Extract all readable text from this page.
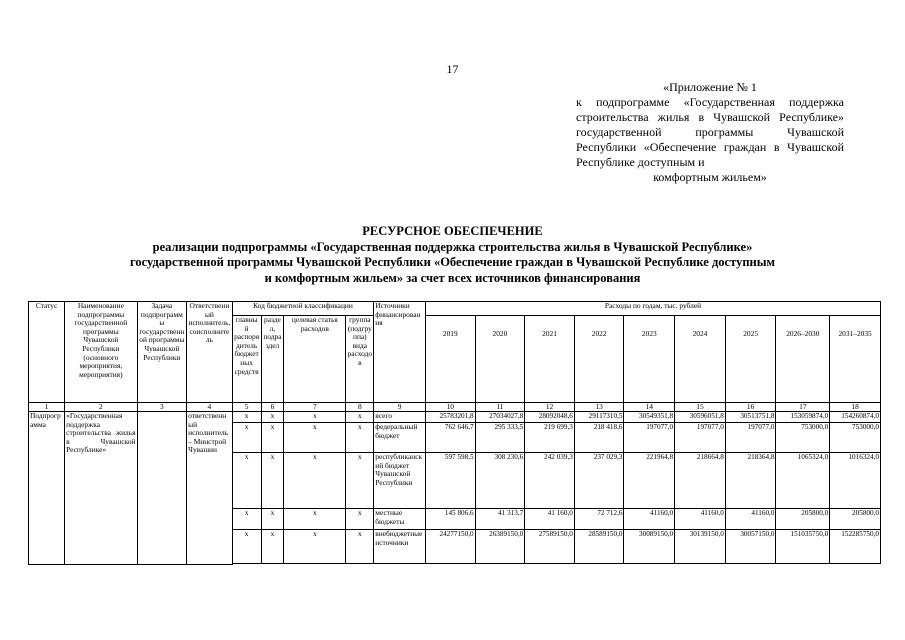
17
«Приложение № 1
к подпрограмме «Государственная поддержка строительства жилья в Чувашской Республике» государственной программы Чувашской Республики «Обеспечение граждан в Чувашской Республике доступным и
комфортным жильем»
РЕСУРСНОЕ ОБЕСПЕЧЕНИЕ
реализации подпрограммы «Государственная поддержка строительства жилья в Чувашской Республике»
государственной программы Чувашской Республики «Обеспечение граждан в Чувашской Республике доступным
и комфортным жильем» за счет всех источников финансирования
Статус	Наименование подпрограммы государственной программы Чувашской Республики (основного мероприятия, мероприятия)	Задача подпрограммы государственной программы Чувашской Республики	Ответственный исполнитель, соисполнитель	Код бюджетной классификации				Источники финансирования	Расходы по годам, тыс. рублей								
				главный распорядитель бюджетных средств	раздел, подраздел	целевая статья расходов	группа (подгруппа) вида расходов		2019	2020	2021	2022	2023	2024	2025	2026–2030	2031–2035
1	2	3	4	5	6	7	8	9	10	11	12	13	14	15	16	17	18
Подпрограмма	«Государственная поддержка строительства жилья в Чувашской Республике»		ответственный исполнитель – Минстрой Чувашии	x	x	x	x	всего	25783201,8	27034027,8	28092048,6	29117310,5	30549351,8	30596051,8	30513751,8	153059874,0	154260874,0
				x	x	x	x	федеральный бюджет	762 646,7	295 333,5	219 699,3	218 418,6	197077,0	197077,0	197077,0	753000,0	753000,0
				x	x	x	x	республиканский бюджет Чувашской Республики	597 598,5	308 230,6	242 039,3	237 029,3	221964,8	218664,8	218364,8	1065324,0	1016324,0
				x	x	x	x	местные бюджеты	145 806,6	41 313,7	41 160,0	72 712,6	41160,0	41160,0	41160,0	205800,0	205800,0
				x	x	x	x	внебюджетные источники	24277150,0	26389150,0	27589150,0	28589150,0	30089150,0	30139150,0	30057150,0	151035750,0	152285750,0
